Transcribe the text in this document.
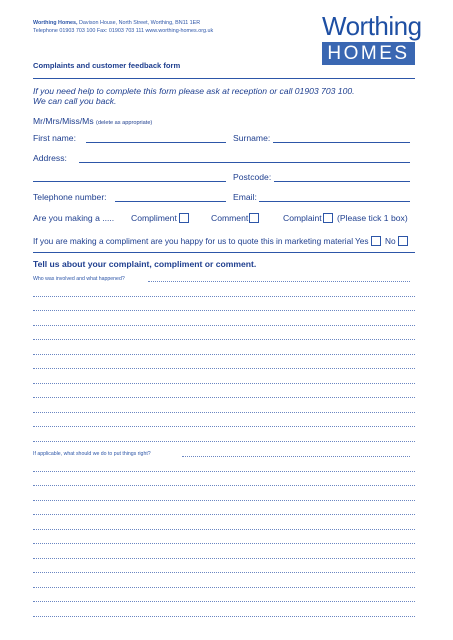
Worthing Homes, Davison House, North Street, Worthing, BN11 1ER
Telephone 01903 703 100 Fax: 01903 703 111 www.worthing-homes.org.uk	Worthing
HOMES
Complaints and customer feedback form
If you need help to complete this form please ask at reception or call 01903 703 100.
We can call you back.
Mr/Mrs/Miss/Ms (delete as appropriate)
First name:	Surname:
Address:
Postcode:
Telephone number:	Email:
Are you making a ..... Compliment	Comment	Complaint (Please tick 1 box)
If you are making a compliment are you happy for us to quote this in marketing material Yes No
Tell us about your complaint, compliment or comment.
Who was involved and what happened?
If applicable, what should we do to put things right?
